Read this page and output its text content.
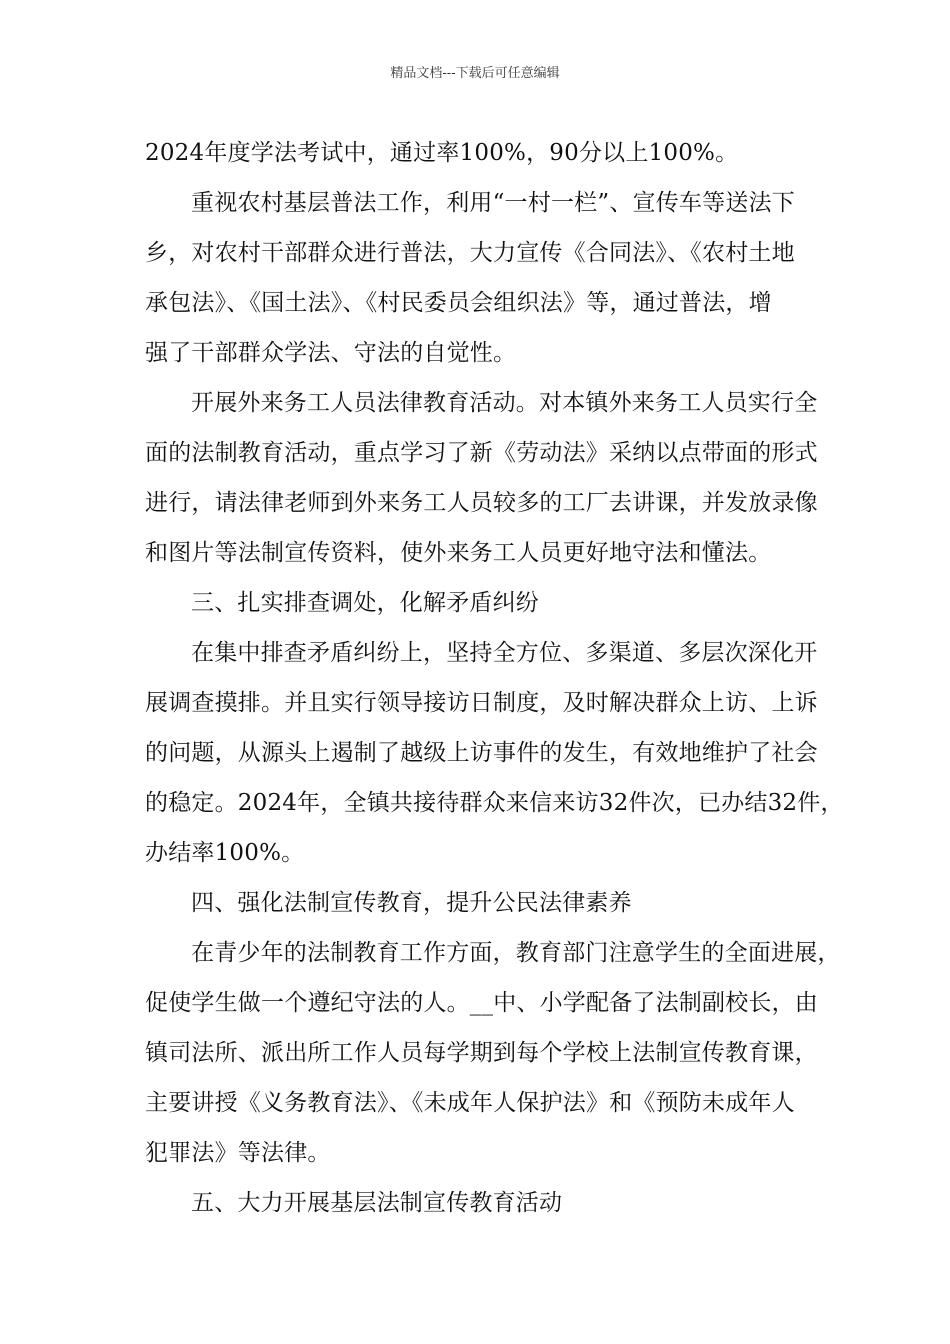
精品文档---下载后可任意编辑
2024年度学法考试中，通过率100%，90分以上100%。
重视农村基层普法工作，利用“一村一栏”、宣传车等送法下
乡，对农村干部群众进行普法，大力宣传《合同法》、《农村土地
承包法》、《国土法》、《村民委员会组织法》等，通过普法，增
强了干部群众学法、守法的自觉性。
开展外来务工人员法律教育活动。对本镇外来务工人员实行全
面的法制教育活动，重点学习了新《劳动法》采纳以点带面的形式
进行，请法律老师到外来务工人员较多的工厂去讲课，并发放录像
和图片等法制宣传资料，使外来务工人员更好地守法和懂法。
三、扎实排查调处，化解矛盾纠纷
在集中排查矛盾纠纷上，坚持全方位、多渠道、多层次深化开
展调查摸排。并且实行领导接访日制度，及时解决群众上访、上诉
的问题，从源头上遏制了越级上访事件的发生，有效地维护了社会
的稳定。2024年，全镇共接待群众来信来访32件次，已办结32件，
办结率100%。
四、强化法制宣传教育，提升公民法律素养
在青少年的法制教育工作方面，教育部门注意学生的全面进展，
促使学生做一个遵纪守法的人。__中、小学配备了法制副校长，由
镇司法所、派出所工作人员每学期到每个学校上法制宣传教育课，
主要讲授《义务教育法》、《未成年人保护法》和《预防未成年人
犯罪法》等法律。
五、大力开展基层法制宣传教育活动
